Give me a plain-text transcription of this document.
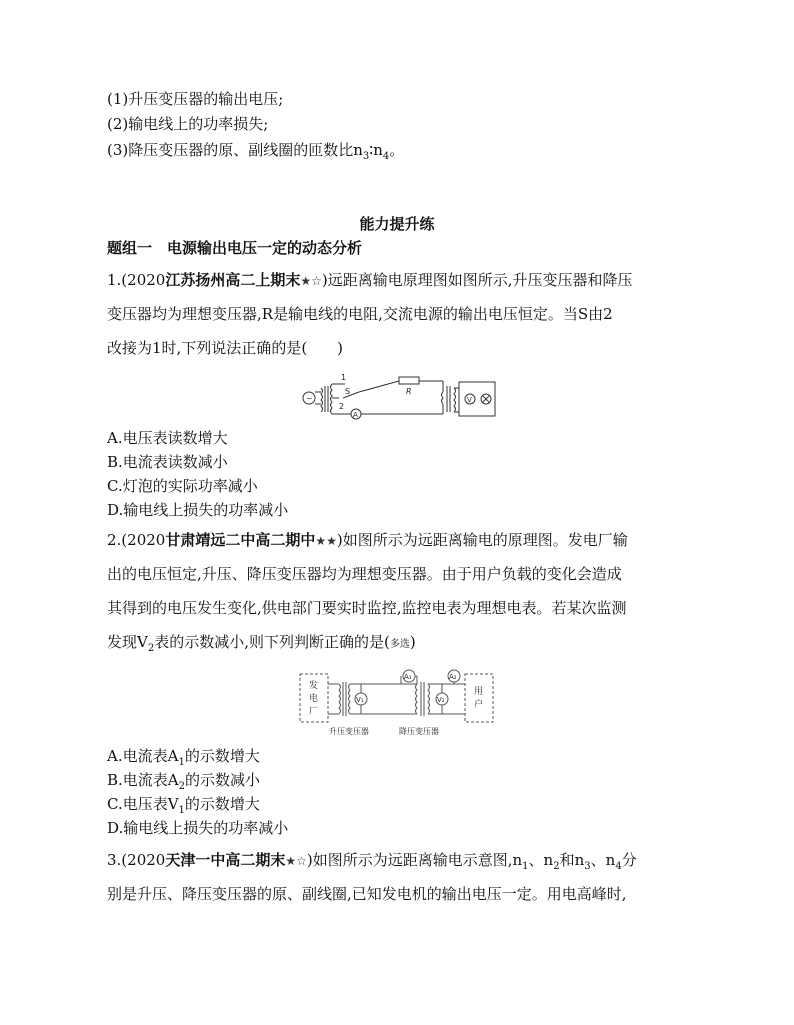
(1)升压变压器的输出电压;
(2)输电线上的功率损失;
(3)降压变压器的原、副线圈的匝数比$n_3∶n_4$。
能力提升练
题组一　电源输出电压一定的动态分析
1.(2020江苏扬州高二上期末★☆)远距离输电原理图如图所示,升压变压器和降压
变压器均为理想变压器,R是输电线的电阻,交流电源的输出电压恒定。当S由2
改接为1时,下列说法正确的是(　　)
~
1
S
2
R
A
V
A.电压表读数增大
B.电流表读数减小
C.灯泡的实际功率减小
D.输电线上损失的功率减小
2.(2020甘肃靖远二中高二期中★★)如图所示为远距离输电的原理图。发电厂输
出的电压恒定,升压、降压变压器均为理想变压器。由于用户负载的变化会造成
其得到的电压发生变化,供电部门要实时监控,监控电表为理想电表。若某次监测
发现$V_2$表的示数减小,则下列判断正确的是(多选)
发
电
厂
用
户
升压变压器	降压变压器
V₁	V₂
A₁	A₂
A.电流表$A_1$的示数增大
B.电流表$A_2$的示数减小
C.电压表$V_1$的示数增大
D.输电线上损失的功率减小
3.(2020天津一中高二期末★☆)如图所示为远距离输电示意图$,n_1$、$n_2$和$n_3$、$n_4$分
别是升压、降压变压器的原、副线圈,已知发电机的输出电压一定。用电高峰时,
